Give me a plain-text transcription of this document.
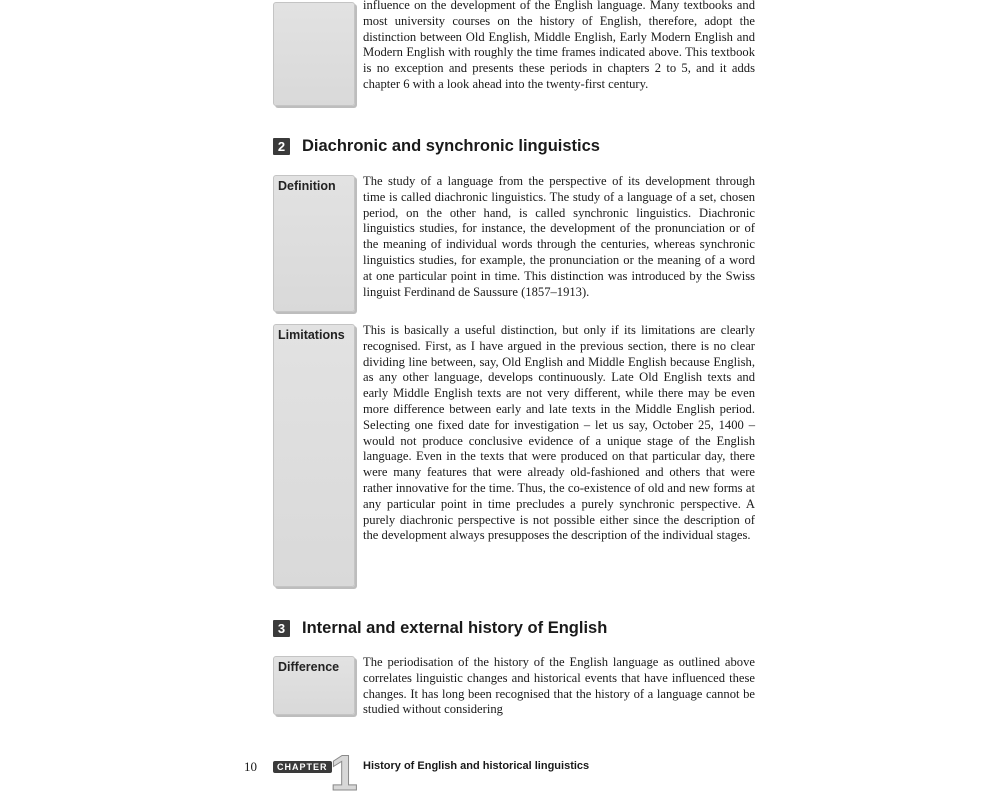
influence on the development of the English language. Many textbooks and most university courses on the history of English, therefore, adopt the distinction between Old English, Middle English, Early Modern English and Modern English with roughly the time frames indicated above. This textbook is no exception and presents these periods in chapters 2 to 5, and it adds chapter 6 with a look ahead into the twenty-first century.

2 Diachronic and synchronic linguistics
Definition	The study of a language from the perspective of its development through time is called diachronic linguistics. The study of a language of a set, chosen period, on the other hand, is called synchronic linguistics. Diachronic linguistics studies, for instance, the development of the pronunciation or of the meaning of individual words through the centuries, whereas synchronic linguistics studies, for example, the pronunciation or the meaning of a word at one particular point in time. This distinction was introduced by the Swiss linguist Ferdinand de Saussure (1857–1913).

Limitations	This is basically a useful distinction, but only if its limitations are clearly recognised. First, as I have argued in the previous section, there is no clear dividing line between, say, Old English and Middle English because English, as any other language, develops continuously. Late Old English texts and early Middle English texts are not very different, while there may be even more difference between early and late texts in the Middle English period. Selecting one fixed date for investigation – let us say, October 25, 1400 – would not produce conclusive evidence of a unique stage of the English language. Even in the texts that were produced on that particular day, there were many features that were already old-fashioned and others that were rather innovative for the time. Thus, the co-existence of old and new forms at any particular point in time precludes a purely synchronic perspective. A purely diachronic perspective is not possible either since the description of the development always presupposes the description of the individual stages.

3 Internal and external history of English
Difference	The periodisation of the history of the English language as outlined above correlates linguistic changes and historical events that have influenced these changes. It has long been recognised that the history of a language cannot be studied without considering

10	CHAPTER 1 History of English and historical linguistics
